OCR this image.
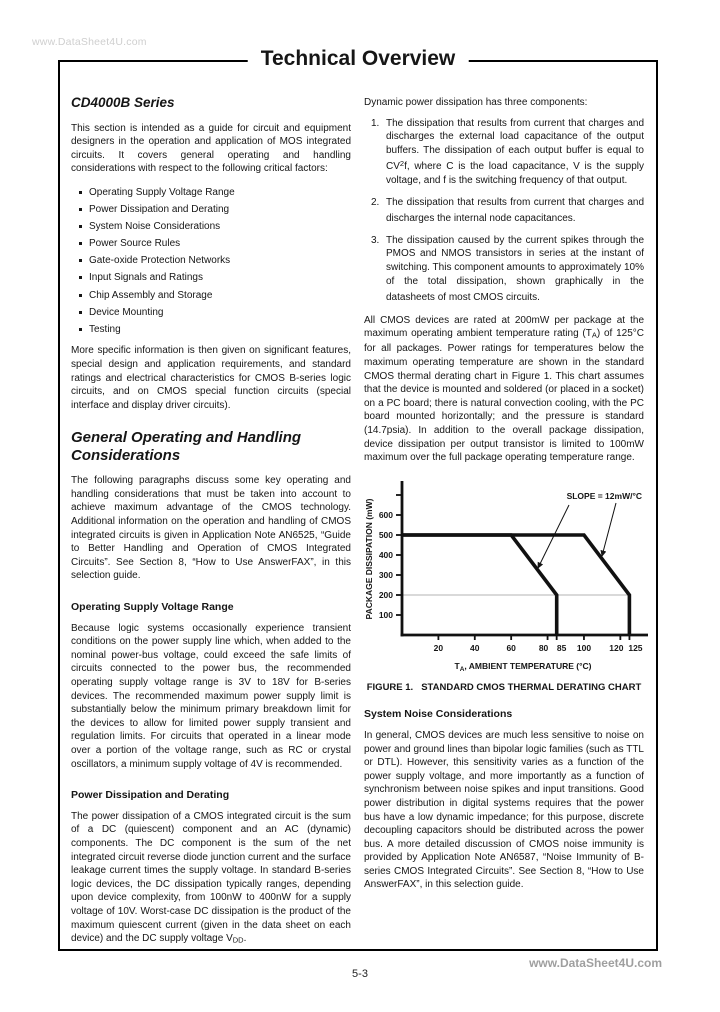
www.DataSheet4U.com
Technical Overview
CD4000B Series

This section is intended as a guide for circuit and equipment designers in the operation and application of MOS integrated circuits. It covers general operating and handling considerations with respect to the following critical factors:

Operating Supply Voltage Range
Power Dissipation and Derating
System Noise Considerations
Power Source Rules
Gate-oxide Protection Networks
Input Signals and Ratings
Chip Assembly and Storage
Device Mounting
Testing

More specific information is then given on significant features, special design and application requirements, and standard ratings and electrical characteristics for CMOS B-series logic circuits, and on CMOS special function circuits (special interface and display driver circuits).

General Operating and Handling Considerations

The following paragraphs discuss some key operating and handling considerations that must be taken into account to achieve maximum advantage of the CMOS technology. Additional information on the operation and handling of CMOS integrated circuits is given in Application Note AN6525, “Guide to Better Handling and Operation of CMOS Integrated Circuits”. See Section 8, “How to Use AnswerFAX”, in this selection guide.

Operating Supply Voltage Range

Because logic systems occasionally experience transient conditions on the power supply line which, when added to the nominal power-bus voltage, could exceed the safe limits of circuits connected to the power bus, the recommended operating supply voltage range is 3V to 18V for B-series devices. The recommended maximum power supply limit is substantially below the minimum primary breakdown limit for the devices to allow for limited power supply transient and regulation limits. For circuits that operated in a linear mode over a portion of the voltage range, such as RC or crystal oscillators, a minimum supply voltage of 4V is recommended.

Power Dissipation and Derating

The power dissipation of a CMOS integrated circuit is the sum of a DC (quiescent) component and an AC (dynamic) components. The DC component is the sum of the net integrated circuit reverse diode junction current and the surface leakage current times the supply voltage. In standard B-series logic devices, the DC dissipation typically ranges, depending upon device complexity, from 100nW to 400nW for a supply voltage of 10V. Worst-case DC dissipation is the product of the maximum quiescent current (given in the data sheet on each device) and the DC supply voltage $V_{DD}$.

Dynamic power dissipation has three components:

1. The dissipation that results from current that charges and discharges the external load capacitance of the output buffers. The dissipation of each output buffer is equal to $CV^2f$, where C is the load capacitance, V is the supply voltage, and f is the switching frequency of that output.
2. The dissipation that results from current that charges and discharges the internal node capacitances.
3. The dissipation caused by the current spikes through the PMOS and NMOS transistors in series at the instant of switching. This component amounts to approximately 10% of the total dissipation, shown graphically in the datasheets of most CMOS circuits.

All CMOS devices are rated at 200mW per package at the maximum operating ambient temperature rating $(T_A)$ of 125°C for all packages. Power ratings for temperatures below the maximum operating temperature are shown in the standard CMOS thermal derating chart in Figure 1. This chart assumes that the device is mounted and soldered (or placed in a socket) on a PC board; there is natural convection cooling, with the PC board mounted horizontally; and the pressure is standard (14.7psia). In addition to the overall package dissipation, device dissipation per output transistor is limited to 100mW maximum over the full package operating temperature range.

100
200
300
400
500
600
20	40	60	80 85 100 120 125
SLOPE = 12mW/°C
$T_A$, AMBIENT TEMPERATURE (°C)
PACKAGE DISSIPATION (mW)
FIGURE 1. STANDARD CMOS THERMAL DERATING CHART
System Noise Considerations

In general, CMOS devices are much less sensitive to noise on power and ground lines than bipolar logic families (such as TTL or DTL). However, this sensitivity varies as a function of the power supply voltage, and more importantly as a function of synchronism between noise spikes and input transitions. Good power distribution in digital systems requires that the power bus have a low dynamic impedance; for this purpose, discrete decoupling capacitors should be distributed across the power bus. A more detailed discussion of CMOS noise immunity is provided by Application Note AN6587, “Noise Immunity of B-series CMOS Integrated Circuits”. See Section 8, “How to Use AnswerFAX”, in this selection guide.

5-3
www.DataSheet4U.com
